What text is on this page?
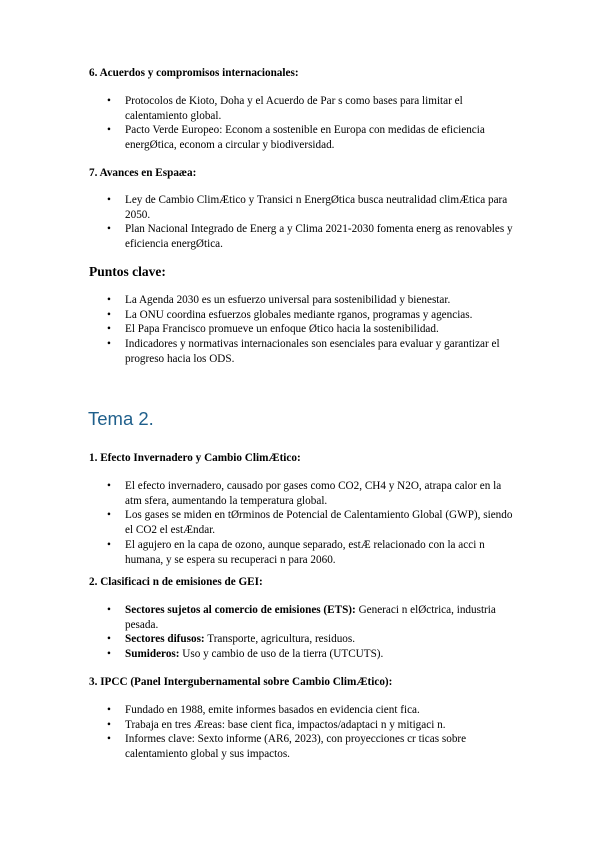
6. Acuerdos y compromisos internacionales:
• Protocolos de Kioto, Doha y el Acuerdo de Par s como bases para limitar el calentamiento global.
• Pacto Verde Europeo: Econom a sostenible en Europa con medidas de eficiencia energØtica, econom a circular y biodiversidad.
7. Avances en Espaæa:
• Ley de Cambio ClimÆtico y Transici n EnergØtica busca neutralidad climÆtica para 2050.
• Plan Nacional Integrado de Energ a y Clima 2021-2030 fomenta energ as renovables y eficiencia energØtica.
Puntos clave:
• La Agenda 2030 es un esfuerzo universal para sostenibilidad y bienestar.
• La ONU coordina esfuerzos globales mediante rganos, programas y agencias.
• El Papa Francisco promueve un enfoque Øtico hacia la sostenibilidad.
• Indicadores y normativas internacionales son esenciales para evaluar y garantizar el progreso hacia los ODS.
Tema 2.
1. Efecto Invernadero y Cambio ClimÆtico:
• El efecto invernadero, causado por gases como CO2, CH4 y N2O, atrapa calor en la atm sfera, aumentando la temperatura global.
• Los gases se miden en tØrminos de Potencial de Calentamiento Global (GWP), siendo el CO2 el estÆndar.
• El agujero en la capa de ozono, aunque separado, estÆ relacionado con la acci n humana, y se espera su recuperaci n para 2060.
2. Clasificaci n de emisiones de GEI:
• Sectores sujetos al comercio de emisiones (ETS): Generaci n elØctrica, industria pesada.
• Sectores difusos: Transporte, agricultura, residuos.
• Sumideros: Uso y cambio de uso de la tierra (UTCUTS).
3. IPCC (Panel Intergubernamental sobre Cambio ClimÆtico):
• Fundado en 1988, emite informes basados en evidencia cient fica.
• Trabaja en tres Æreas: base cient fica, impactos/adaptaci n y mitigaci n.
• Informes clave: Sexto informe (AR6, 2023), con proyecciones cr ticas sobre calentamiento global y sus impactos.
